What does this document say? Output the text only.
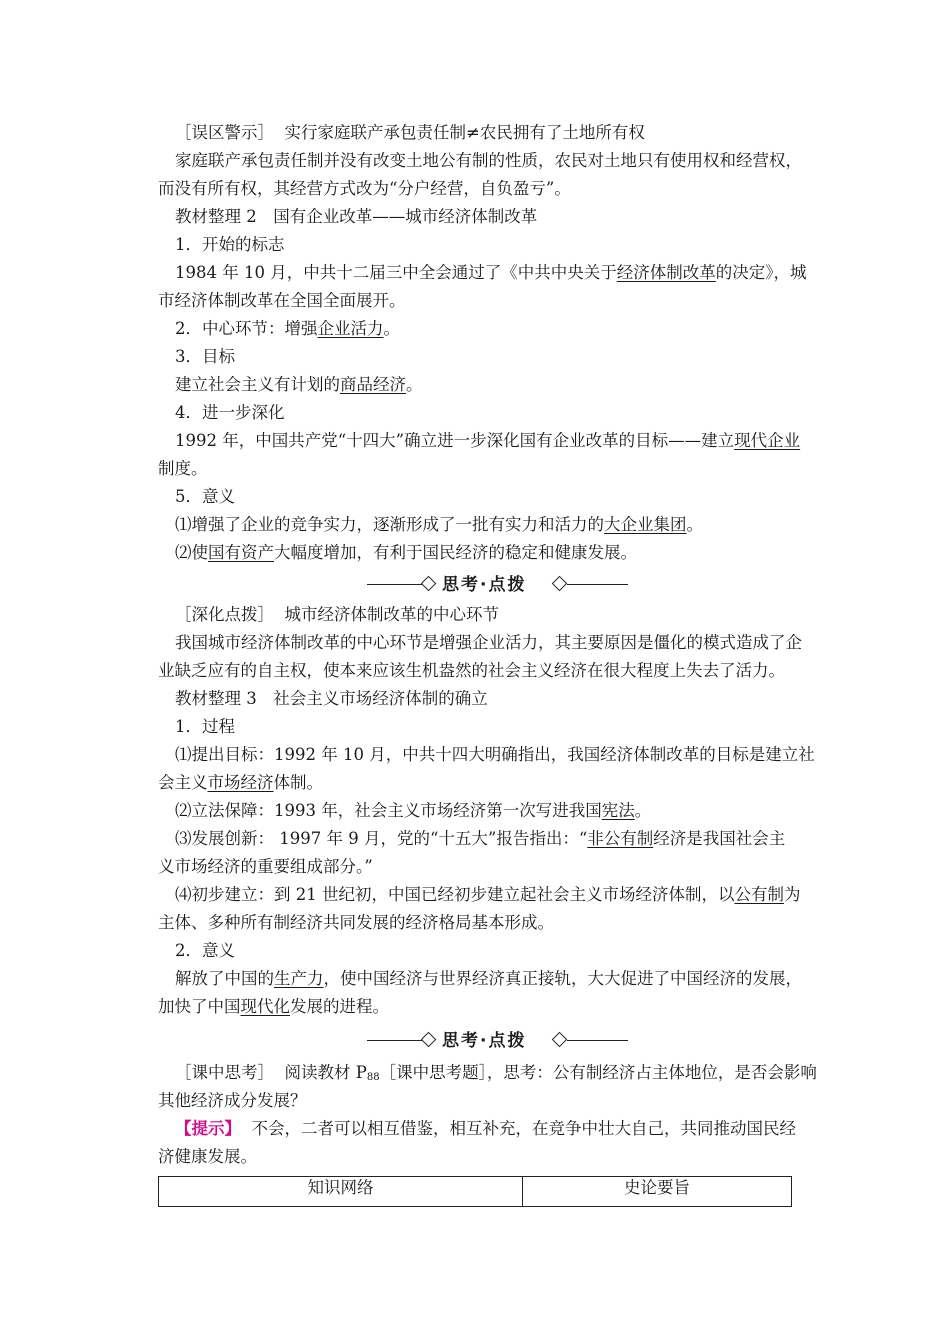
［误区警示］ 实行家庭联产承包责任制≠农民拥有了土地所有权

家庭联产承包责任制并没有改变土地公有制的性质，农民对土地只有使用权和经营权，

而没有所有权，其经营方式改为“分户经营，自负盈亏”。

教材整理 2　国有企业改革——城市经济体制改革

1．开始的标志

1984 年 10 月，中共十二届三中全会通过了《中共中央关于经济体制改革的决定》，城

市经济体制改革在全国全面展开。

2．中心环节：增强企业活力。

3．目标

建立社会主义有计划的商品经济。

4．进一步深化

1992 年，中国共产党“十四大”确立进一步深化国有企业改革的目标——建立现代企业

制度。

5．意义

⑴增强了企业的竞争实力，逐渐形成了一批有实力和活力的大企业集团。

⑵使国有资产大幅度增加，有利于国民经济的稳定和健康发展。

思考·点拨

［深化点拨］ 城市经济体制改革的中心环节

我国城市经济体制改革的中心环节是增强企业活力，其主要原因是僵化的模式造成了企

业缺乏应有的自主权，使本来应该生机盎然的社会主义经济在很大程度上失去了活力。

教材整理 3　社会主义市场经济体制的确立

1．过程

⑴提出目标：1992 年 10 月，中共十四大明确指出，我国经济体制改革的目标是建立社

会主义市场经济体制。

⑵立法保障：1993 年，社会主义市场经济第一次写进我国宪法。

⑶发展创新： 1997 年 9 月，党的“十五大”报告指出：“非公有制经济是我国社会主

义市场经济的重要组成部分。”

⑷初步建立：到 21 世纪初，中国已经初步建立起社会主义市场经济体制，以公有制为

主体、多种所有制经济共同发展的经济格局基本形成。

2．意义

解放了中国的生产力，使中国经济与世界经济真正接轨，大大促进了中国经济的发展，

加快了中国现代化发展的进程。

思考·点拨

［课中思考］ 阅读教材 $P_{88}[$课中思考题］，思考：公有制经济占主体地位，是否会影响

其他经济成分发展？

【提示】 不会，二者可以相互借鉴，相互补充，在竞争中壮大自己，共同推动国民经

济健康发展。

知识网络	史论要旨
